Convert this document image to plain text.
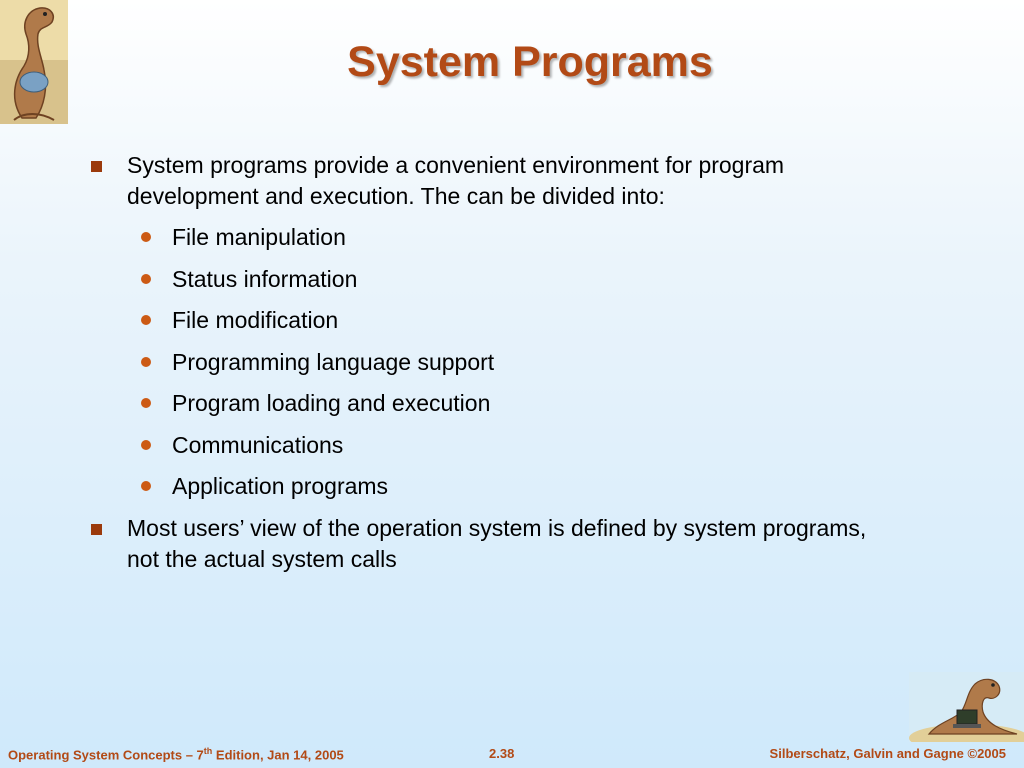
System Programs
System programs provide a convenient environment for program development and execution. The can be divided into:
File manipulation
Status information
File modification
Programming language support
Program loading and execution
Communications
Application programs
Most users’ view of the operation system is defined by system programs, not the actual system calls
Operating System Concepts – 7th Edition, Jan 14, 2005	2.38	Silberschatz, Galvin and Gagne ©2005
